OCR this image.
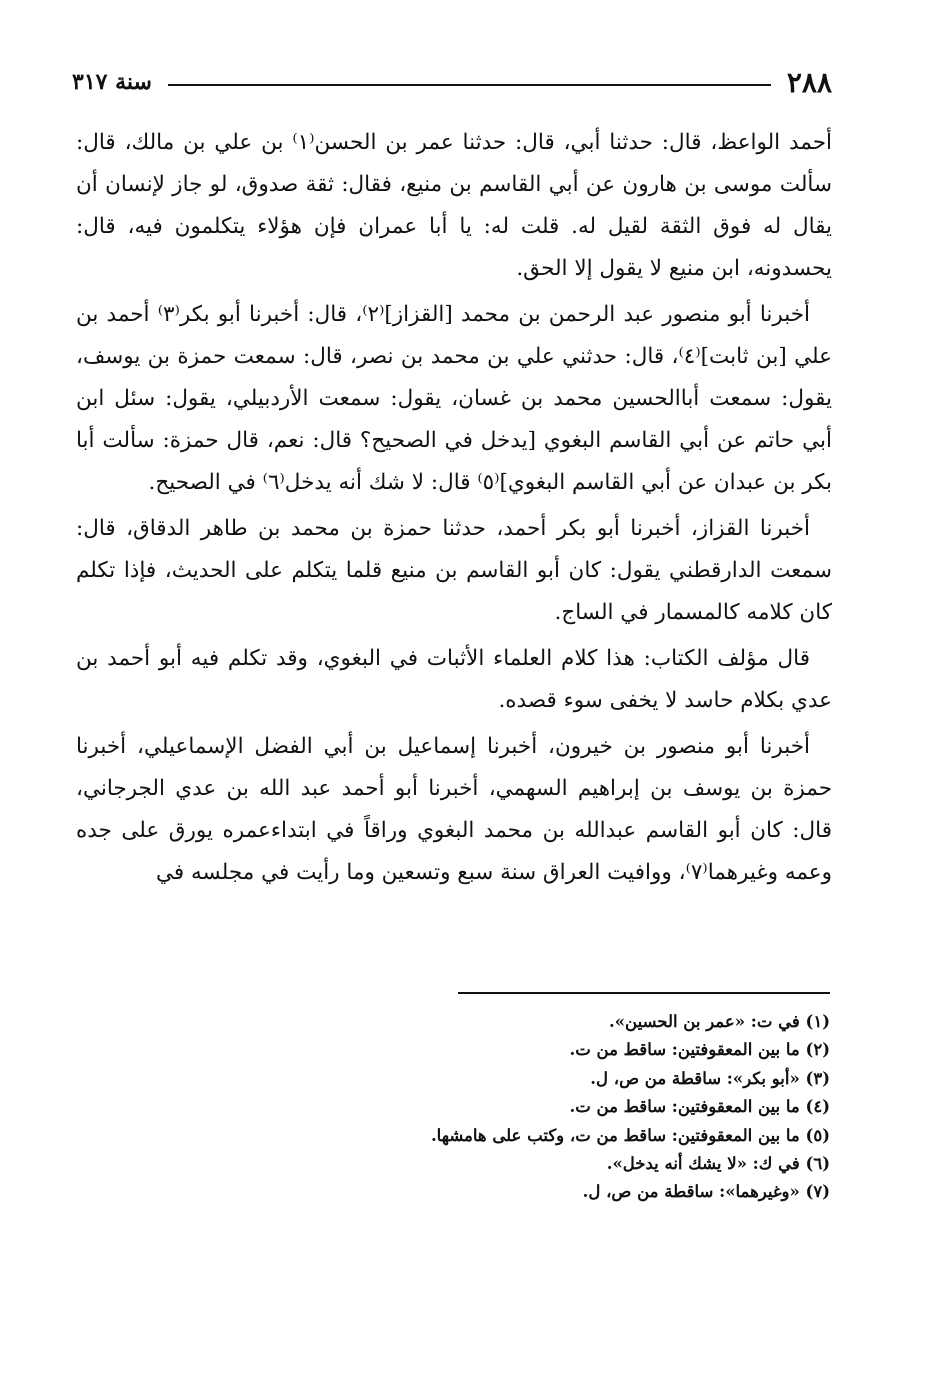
٢٨٨
سنة ٣١٧

أحمد الواعظ، قال: حدثنا أبي، قال: حدثنا عمر بن الحسن⁽١⁾ بن علي بن مالك، قال: سألت موسى بن هارون عن أبي القاسم بن منيع، فقال: ثقة صدوق، لو جاز لإنسان أن يقال له فوق الثقة لقيل له. قلت له: يا أبا عمران فإن هؤلاء يتكلمون فيه، قال: يحسدونه، ابن منيع لا يقول إلا الحق.

أخبرنا أبو منصور عبد الرحمن بن محمد [القزاز]⁽٢⁾، قال: أخبرنا أبو بكر⁽٣⁾ أحمد بن علي [بن ثابت]⁽٤⁾، قال: حدثني علي بن محمد بن نصر، قال: سمعت حمزة بن يوسف، يقول: سمعت أباالحسين محمد بن غسان، يقول: سمعت الأردبيلي، يقول: سئل ابن أبي حاتم عن أبي القاسم البغوي [يدخل في الصحيح؟ قال: نعم، قال حمزة: سألت أبا بكر بن عبدان عن أبي القاسم البغوي]⁽٥⁾ قال: لا شك أنه يدخل⁽٦⁾ في الصحيح.

أخبرنا القزاز، أخبرنا أبو بكر أحمد، حدثنا حمزة بن محمد بن طاهر الدقاق، قال: سمعت الدارقطني يقول: كان أبو القاسم بن منيع قلما يتكلم على الحديث، فإذا تكلم كان كلامه كالمسمار في الساج.

قال مؤلف الكتاب: هذا كلام العلماء الأثبات في البغوي، وقد تكلم فيه أبو أحمد بن عدي بكلام حاسد لا يخفى سوء قصده.

أخبرنا أبو منصور بن خيرون، أخبرنا إسماعيل بن أبي الفضل الإسماعيلي، أخبرنا حمزة بن يوسف بن إبراهيم السهمي، أخبرنا أبو أحمد عبد الله بن عدي الجرجاني، قال: كان أبو القاسم عبدالله بن محمد البغوي وراقاً في ابتداءعمره يورق على جده وعمه وغيرهما⁽٧⁾، ووافيت العراق سنة سبع وتسعين وما رأيت في مجلسه في

(١) في ت: «عمر بن الحسين».
(٢) ما بين المعقوفتين: ساقط من ت.
(٣) «أبو بكر»: ساقطة من ص، ل.
(٤) ما بين المعقوفتين: ساقط من ت.
(٥) ما بين المعقوفتين: ساقط من ت، وكتب على هامشها.
(٦) في ك: «لا يشك أنه يدخل».
(٧) «وغيرهما»: ساقطة من ص، ل.
